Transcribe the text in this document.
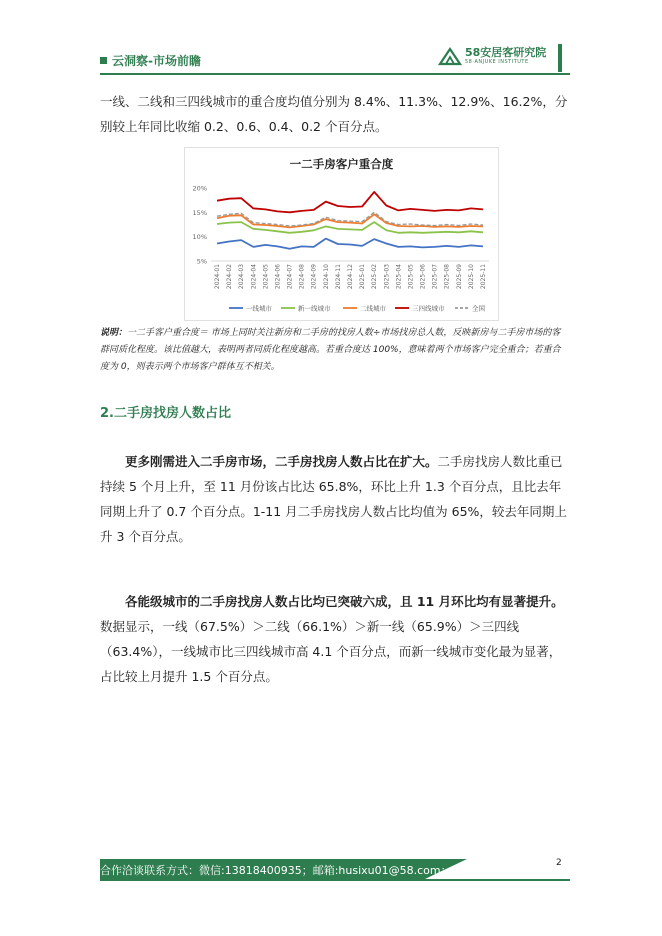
云洞察-市场前瞻
58安居客研究院
58·ANJUKE INSTITUTE

一线、二线和三四线城市的重合度均值分别为 8.4%、11.3%、12.9%、16.2%，分别较上年同比收缩 0.2、0.6、0.4、0.2 个百分点。

一二手房客户重合度
20%
15%
10%
5%
2024-01 2024-02 2024-03 2024-04 2024-05 2024-06 2024-07 2024-08 2024-09 2024-10 2024-11 2024-12 2025-01 2025-02 2025-03 2025-04 2025-05 2025-06 2025-07 2025-08 2025-09 2025-10 2025-11
一线城市	新一线城市	二线城市	三四线城市	全国

说明：一二手客户重合度＝ 市场上同时关注新房和二手房的找房人数÷市场找房总人数，反映新房与二手房市场的客群同质化程度。该比值越大，表明两者同质化程度越高。若重合度达 100%，意味着两个市场客户完全重合；若重合度为 0，则表示两个市场客户群体互不相关。

2.二手房找房人数占比

更多刚需进入二手房市场，二手房找房人数占比在扩大。二手房找房人数比重已持续 5 个月上升，至 11 月份该占比达 65.8%，环比上升 1.3 个百分点，且比去年同期上升了 0.7 个百分点。1-11 月二手房找房人数占比均值为 65%，较去年同期上升 3 个百分点。

各能级城市的二手房找房人数占比均已突破六成，且 11 月环比均有显著提升。数据显示，一线（67.5%）＞二线（66.1%）＞新一线（65.9%）＞三四线（63.4%），一线城市比三四线城市高 4.1 个百分点，而新一线城市变化最为显著，占比较上月提升 1.5 个百分点。

合作洽谈联系方式：微信:13818400935；邮箱:husixu01@58.com；
2
